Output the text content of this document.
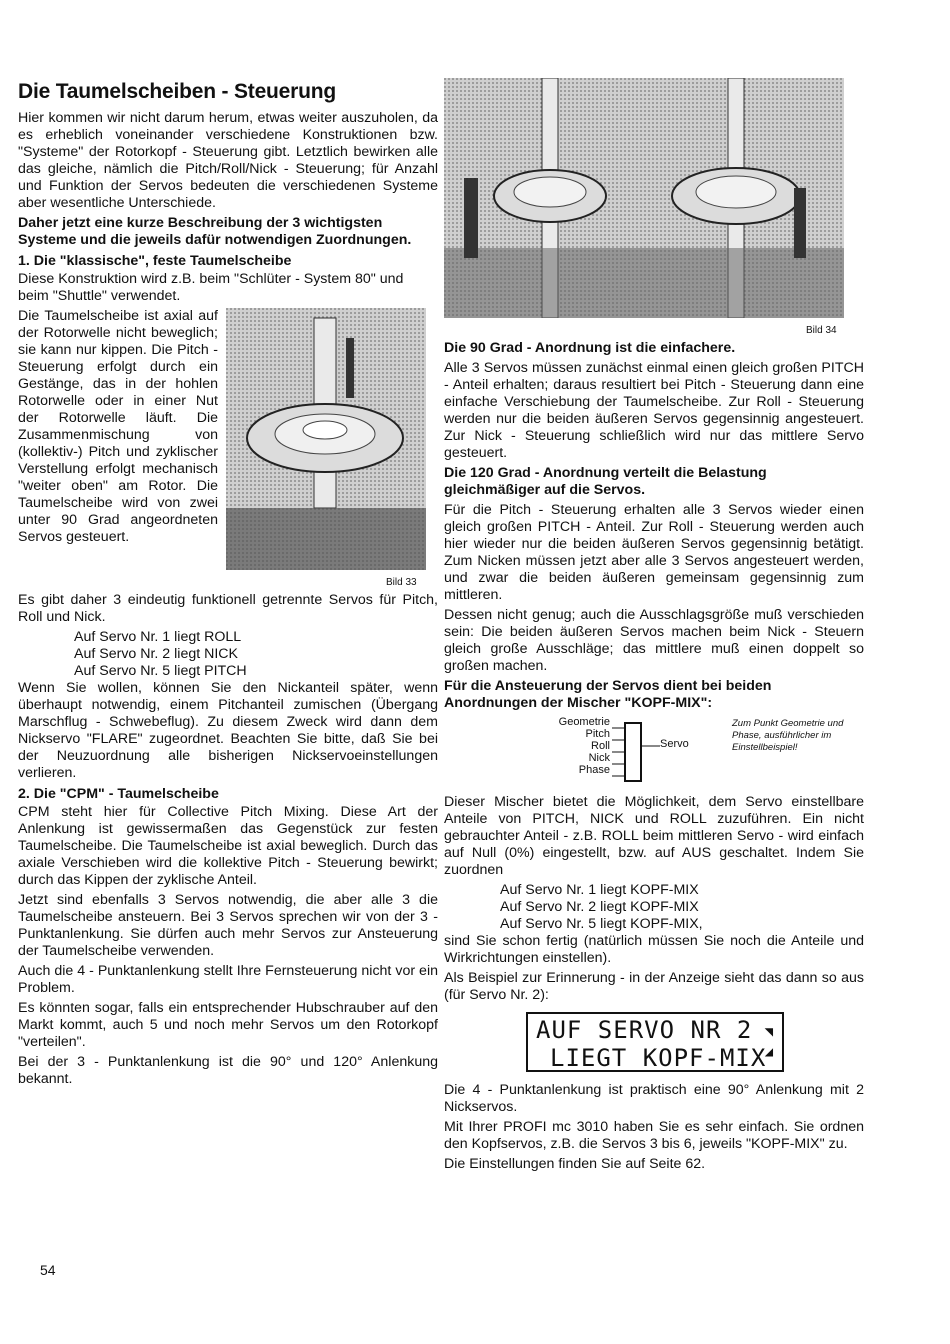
Die Taumelscheiben - Steuerung

Hier kommen wir nicht darum herum, etwas weiter auszuholen, da es erheblich voneinander verschiedene Konstruktionen bzw. "Systeme" der Rotorkopf - Steuerung gibt. Letztlich bewirken alle das gleiche, nämlich die Pitch/Roll/Nick - Steuerung; für Anzahl und Funktion der Servos bedeuten die verschiedenen Systeme aber wesentliche Unterschiede.

Daher jetzt eine kurze Beschreibung der 3 wichtigsten Systeme und die jeweils dafür notwendigen Zuordnungen.

1. Die "klassische", feste Taumelscheibe

Diese Konstruktion wird z.B. beim "Schlüter - System 80" und beim "Shuttle" verwendet.

Die Taumelscheibe ist axial auf der Rotorwelle nicht beweglich; sie kann nur kippen. Die Pitch - Steuerung erfolgt durch ein Gestänge, das in der hohlen Rotorwelle oder in einer Nut der Rotorwelle läuft. Die Zusammenmischung von (kollektiv-) Pitch und zyklischer Verstellung erfolgt mechanisch "weiter oben" am Rotor. Die Taumelscheibe wird von zwei unter 90 Grad angeordneten Servos gesteuert.

Bild 33

Es gibt daher 3 eindeutig funktionell getrennte Servos für Pitch, Roll und Nick.

Auf Servo Nr. 1 liegt ROLL
Auf Servo Nr. 2 liegt NICK
Auf Servo Nr. 5 liegt PITCH

Wenn Sie wollen, können Sie den Nickanteil später, wenn überhaupt notwendig, einem Pitchanteil zumischen (Übergang Marschflug - Schwebeflug). Zu diesem Zweck wird dann dem Nickservo "FLARE" zugeordnet. Beachten Sie bitte, daß Sie bei der Neuzuordnung alle bisherigen Nickservoeinstellungen verlieren.

2. Die "CPM" - Taumelscheibe

CPM steht hier für Collective Pitch Mixing. Diese Art der Anlenkung ist gewissermaßen das Gegenstück zur festen Taumelscheibe. Die Taumelscheibe ist axial beweglich. Durch das axiale Verschieben wird die kollektive Pitch - Steuerung bewirkt; durch das Kippen der zyklische Anteil.

Jetzt sind ebenfalls 3 Servos notwendig, die aber alle 3 die Taumelscheibe ansteuern. Bei 3 Servos sprechen wir von der 3 - Punktanlenkung. Sie dürfen auch mehr Servos zur Ansteuerung der Taumelscheibe verwenden.

Auch die 4 - Punktanlenkung stellt Ihre Fernsteuerung nicht vor ein Problem.

Es könnten sogar, falls ein entsprechender Hubschrauber auf den Markt kommt, auch 5 und noch mehr Servos um den Rotorkopf "verteilen".

Bei der 3 - Punktanlenkung ist die 90° und 120° Anlenkung bekannt.

Bild 34

Die 90 Grad - Anordnung ist die einfachere.

Alle 3 Servos müssen zunächst einmal einen gleich großen PITCH - Anteil erhalten; daraus resultiert bei Pitch - Steuerung dann eine einfache Verschiebung der Taumelscheibe. Zur Roll - Steuerung werden nur die beiden äußeren Servos gegensinnig angesteuert. Zur Nick - Steuerung schließlich wird nur das mittlere Servo gesteuert.

Die 120 Grad - Anordnung verteilt die Belastung gleichmäßiger auf die Servos.

Für die Pitch - Steuerung erhalten alle 3 Servos wieder einen gleich großen PITCH - Anteil. Zur Roll - Steuerung werden auch hier wieder nur die beiden äußeren Servos gegensinnig betätigt. Zum Nicken müssen jetzt aber alle 3 Servos angesteuert werden, und zwar die beiden äußeren gemeinsam gegensinnig zum mittleren.

Dessen nicht genug; auch die Ausschlagsgröße muß verschieden sein: Die beiden äußeren Servos machen beim Nick - Steuern gleich große Ausschläge; das mittlere muß einen doppelt so großen machen.

Für die Ansteuerung der Servos dient bei beiden Anordnungen der Mischer "KOPF-MIX":

Geometrie
Pitch
Roll
Nick
Phase
Servo
Zum Punkt Geometrie und Phase, ausführlicher im Einstellbeispiel!

Dieser Mischer bietet die Möglichkeit, dem Servo einstellbare Anteile von PITCH, NICK und ROLL zuzuführen. Ein nicht gebrauchter Anteil - z.B. ROLL beim mittleren Servo - wird einfach auf Null (0%) eingestellt, bzw. auf AUS geschaltet. Indem Sie zuordnen

Auf Servo Nr. 1 liegt KOPF-MIX
Auf Servo Nr. 2 liegt KOPF-MIX
Auf Servo Nr. 5 liegt KOPF-MIX,

sind Sie schon fertig (natürlich müssen Sie noch die Anteile und Wirkrichtungen einstellen).

Als Beispiel zur Erinnerung - in der Anzeige sieht das dann so aus (für Servo Nr. 2):

AUF SERVO NR 2
LIEGT KOPF-MIX
◥
◢

Die 4 - Punktanlenkung ist praktisch eine 90° Anlenkung mit 2 Nickservos.

Mit Ihrer PROFI mc 3010 haben Sie es sehr einfach. Sie ordnen den Kopfservos, z.B. die Servos 3 bis 6, jeweils "KOPF-MIX" zu.

Die Einstellungen finden Sie auf Seite 62.

54
